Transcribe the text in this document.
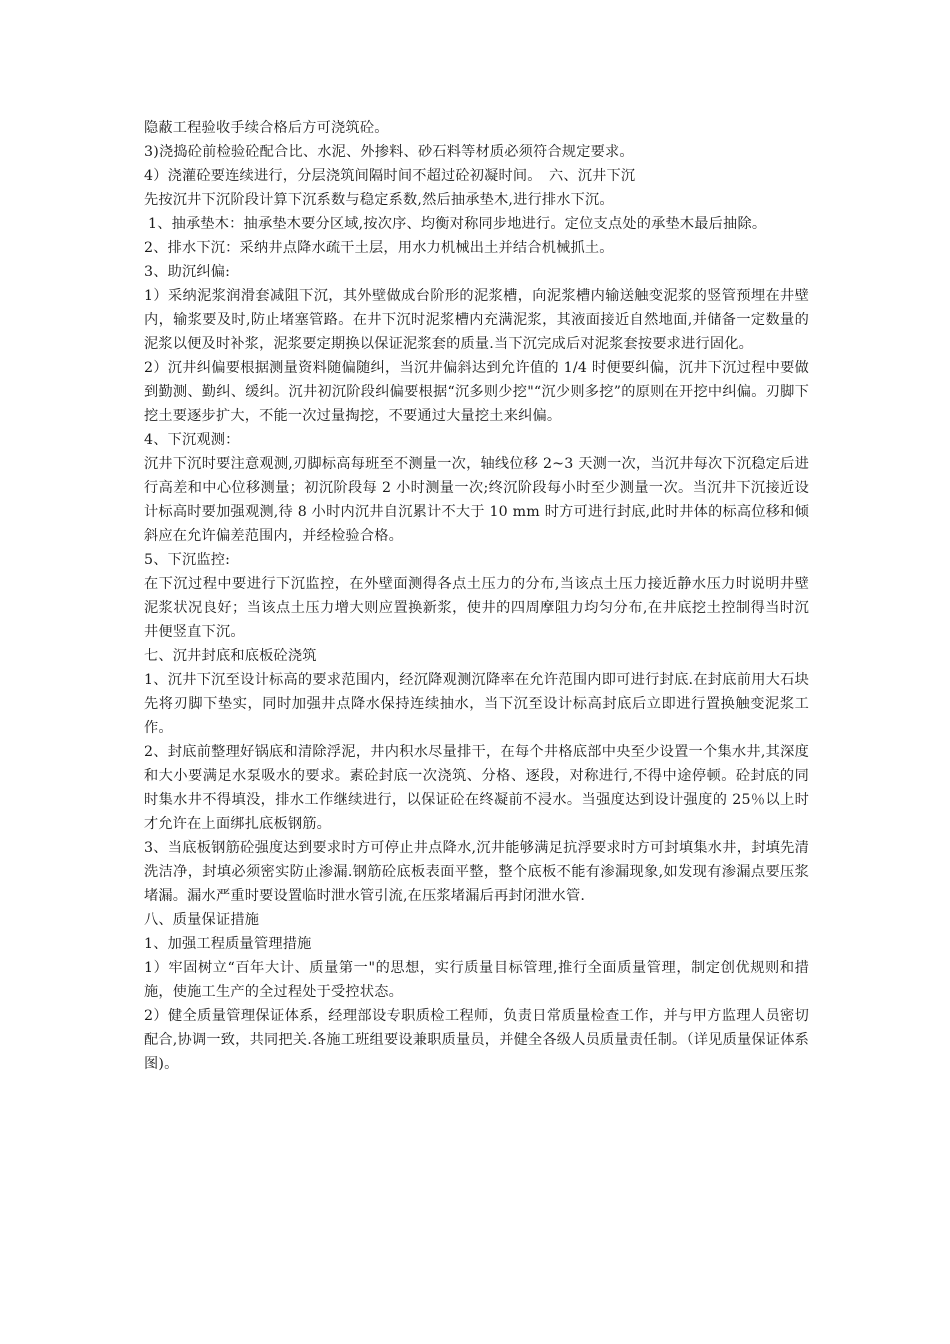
隐蔽工程验收手续合格后方可浇筑砼。

3)浇捣砼前检验砼配合比、水泥、外掺料、砂石料等材质必须符合规定要求。

4）浇灌砼要连续进行，分层浇筑间隔时间不超过砼初凝时间。　六、沉井下沉

先按沉井下沉阶段计算下沉系数与稳定系数,然后抽承垫木,进行排水下沉。

1、抽承垫木：抽承垫木要分区域,按次序、均衡对称同步地进行。定位支点处的承垫木最后抽除。

2、排水下沉：采纳井点降水疏干土层，用水力机械出土并结合机械抓土。

3、助沉纠偏:

1）采纳泥浆润滑套减阻下沉，其外壁做成台阶形的泥浆槽，向泥浆槽内输送触变泥浆的竖管预埋在井壁内，输浆要及时,防止堵塞管路。在井下沉时泥浆槽内充满泥浆，其液面接近自然地面,并储备一定数量的泥浆以便及时补浆，泥浆要定期换以保证泥浆套的质量.当下沉完成后对泥浆套按要求进行固化。

2）沉井纠偏要根据测量资料随偏随纠，当沉井偏斜达到允许值的 1/4 时便要纠偏，沉井下沉过程中要做到勤测、勤纠、缓纠。沉井初沉阶段纠偏要根据“沉多则少挖"“沉少则多挖”的原则在开挖中纠偏。刃脚下挖土要逐步扩大，不能一次过量掏挖，不要通过大量挖土来纠偏。

4、下沉观测：

沉井下沉时要注意观测,刃脚标高每班至不测量一次，轴线位移 2~3 天测一次，当沉井每次下沉稳定后进行高差和中心位移测量；初沉阶段每 2 小时测量一次;终沉阶段每小时至少测量一次。当沉井下沉接近设计标高时要加强观测,待 8 小时内沉井自沉累计不大于 10 mm 时方可进行封底,此时井体的标高位移和倾斜应在允许偏差范围内，并经检验合格。

5、下沉监控:

在下沉过程中要进行下沉监控，在外壁面测得各点土压力的分布,当该点土压力接近静水压力时说明井壁泥浆状况良好；当该点土压力增大则应置换新浆，使井的四周摩阻力均匀分布,在井底挖土控制得当时沉井便竖直下沉。

七、沉井封底和底板砼浇筑

1、沉井下沉至设计标高的要求范围内，经沉降观测沉降率在允许范围内即可进行封底.在封底前用大石块先将刃脚下垫实，同时加强井点降水保持连续抽水，当下沉至设计标高封底后立即进行置换触变泥浆工作。

2、封底前整理好锅底和清除浮泥，井内积水尽量排干，在每个井格底部中央至少设置一个集水井,其深度和大小要满足水泵吸水的要求。素砼封底一次浇筑、分格、逐段，对称进行,不得中途停顿。砼封底的同时集水井不得填没，排水工作继续进行，以保证砼在终凝前不浸水。当强度达到设计强度的 25％以上时才允许在上面绑扎底板钢筋。

3、当底板钢筋砼强度达到要求时方可停止井点降水,沉井能够满足抗浮要求时方可封填集水井，封填先清洗洁净，封填必须密实防止渗漏.钢筋砼底板表面平整，整个底板不能有渗漏现象,如发现有渗漏点要压浆堵漏。漏水严重时要设置临时泄水管引流,在压浆堵漏后再封闭泄水管.

八、质量保证措施

1、加强工程质量管理措施

1）牢固树立“百年大计、质量第一"的思想，实行质量目标管理,推行全面质量管理，制定创优规则和措施，使施工生产的全过程处于受控状态。

2）健全质量管理保证体系，经理部设专职质检工程师，负责日常质量检查工作，并与甲方监理人员密切配合,协调一致，共同把关.各施工班组要设兼职质量员，并健全各级人员质量责任制。（详见质量保证体系图)。
